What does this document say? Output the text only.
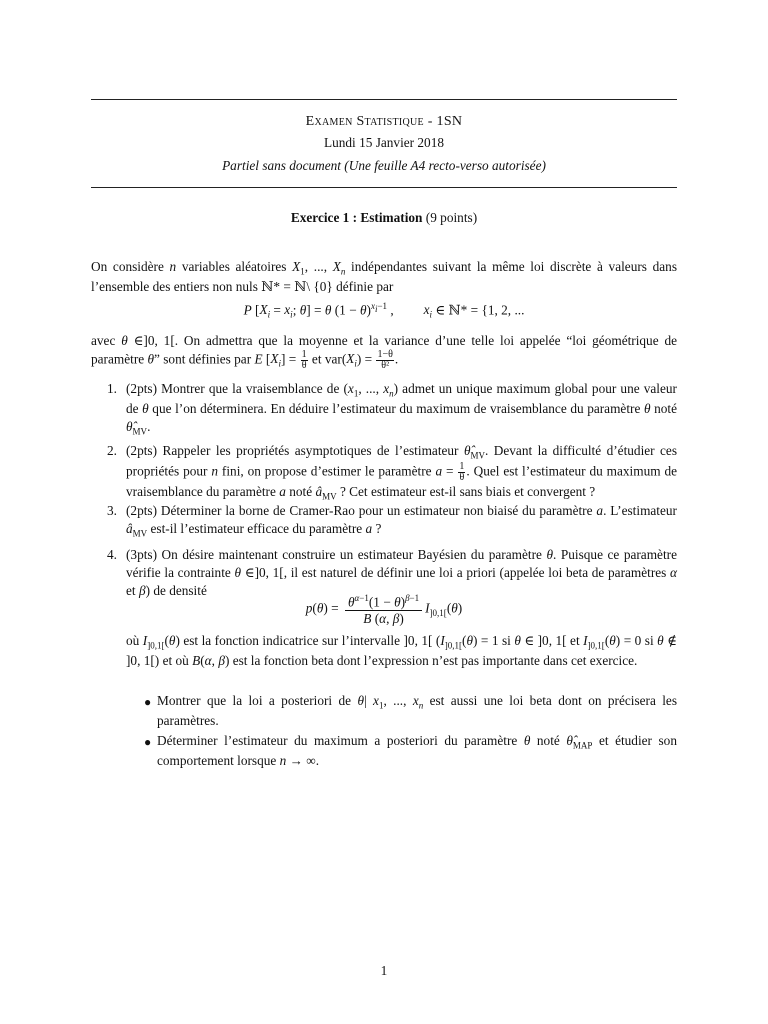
Examen Statistique - 1SN
Lundi 15 Janvier 2018
Partiel sans document (Une feuille A4 recto-verso autorisée)
Exercice 1 : Estimation (9 points)
On considère n variables aléatoires $X_1$, ..., $X_n$ indépendantes suivant la même loi discrète à valeurs dans l’ensemble des entiers non nuls ℕ* = ℕ\ {0} définie par
P [$X_i = x_i$; θ] = θ $(1 - \theta)^{x_i-1}$ ,         $x_i$ ∈ ℕ* = {1, 2, ...
avec θ ∈]0, 1[. On admettra que la moyenne et la variance d’une telle loi appelée “loi géométrique de paramètre θ” sont définies par E $[X_i] = \frac{1}{\theta}$ et $var(X_i) = \frac{1-\theta}{\text{θ²}}$ .
1. (2pts) Montrer que la vraisemblance de ($x_1$, ..., $x_n$) admet un unique maximum global pour une valeur de θ que l’on déterminera. En déduire l’estimateur du maximum de vraisemblance du paramètre θ noté $\thetâ_{MV}$.
2. (2pts) Rappeler les propriétés asymptotiques de l’estimateur $\thetâ_{MV}$. Devant la difficulté d’étudier ces propriétés pour n fini, on propose d’estimer le paramètre $a = \frac{1}{\theta}$ . Quel est l’estimateur du maximum de vraisemblance du paramètre a noté $â_{MV}$ ? Cet estimateur est-il sans biais et convergent ?
3. (2pts) Déterminer la borne de Cramer-Rao pour un estimateur non biaisé du paramètre a. L’estimateur $â_{MV}$ est-il l’estimateur efficace du paramètre a ?
4. (3pts) On désire maintenant construire un estimateur Bayésien du paramètre θ. Puisque ce paramètre vérifie la contrainte θ ∈]0, 1[, il est naturel de définir une loi a priori (appelée loi beta de paramètres α et β) de densité
$p(\theta) = \frac{\theta^{\alpha-1}(1 - \theta)^{\beta-1}}{B (\alpha, \beta)} I_{]0,1[}(\theta)$
où $I_{]0,1[}(\theta)$ est la fonction indicatrice sur l’intervalle ]0, 1[ ($I_{]0,1[}(\theta) = 1$ si θ ∈ ]0, 1[ et $I_{]0,1[}(\theta) = 0$ si θ ∉ ]0, 1[) et où B(α, β) est la fonction beta dont l’expression n’est pas importante dans cet exercice.
● Montrer que la loi a posteriori de θ| $x_1$, ..., $x_n$ est aussi une loi beta dont on précisera les paramètres.
● Déterminer l’estimateur du maximum a posteriori du paramètre θ noté $\thetâ_{MAP}$ et étudier son comportement lorsque n → ∞.
1
